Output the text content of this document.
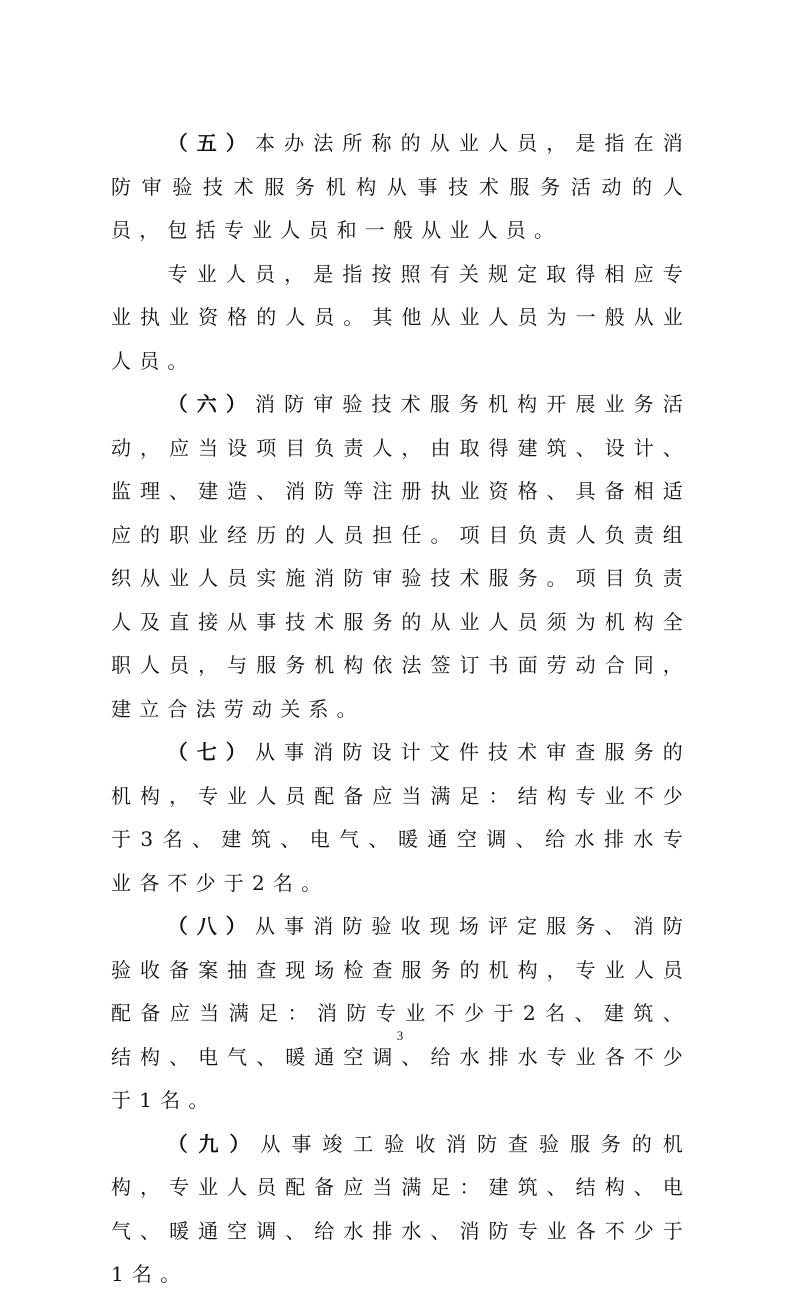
（五）本办法所称的从业人员，是指在消防审验技术服务机构从事技术服务活动的人员，包括专业人员和一般从业人员。

专业人员，是指按照有关规定取得相应专业执业资格的人员。其他从业人员为一般从业人员。

（六）消防审验技术服务机构开展业务活动，应当设项目负责人，由取得建筑、设计、监理、建造、消防等注册执业资格、具备相适应的职业经历的人员担任。项目负责人负责组织从业人员实施消防审验技术服务。项目负责人及直接从事技术服务的从业人员须为机构全职人员，与服务机构依法签订书面劳动合同，建立合法劳动关系。

（七）从事消防设计文件技术审查服务的机构，专业人员配备应当满足：结构专业不少于3名、建筑、电气、暖通空调、给水排水专业各不少于2名。

（八）从事消防验收现场评定服务、消防验收备案抽查现场检查服务的机构，专业人员配备应当满足：消防专业不少于2名、建筑、结构、电气、暖通空调、给水排水专业各不少于1名。

（九）从事竣工验收消防查验服务的机构，专业人员配备应当满足：建筑、结构、电气、暖通空调、给水排水、消防专业各不少于1名。

3
